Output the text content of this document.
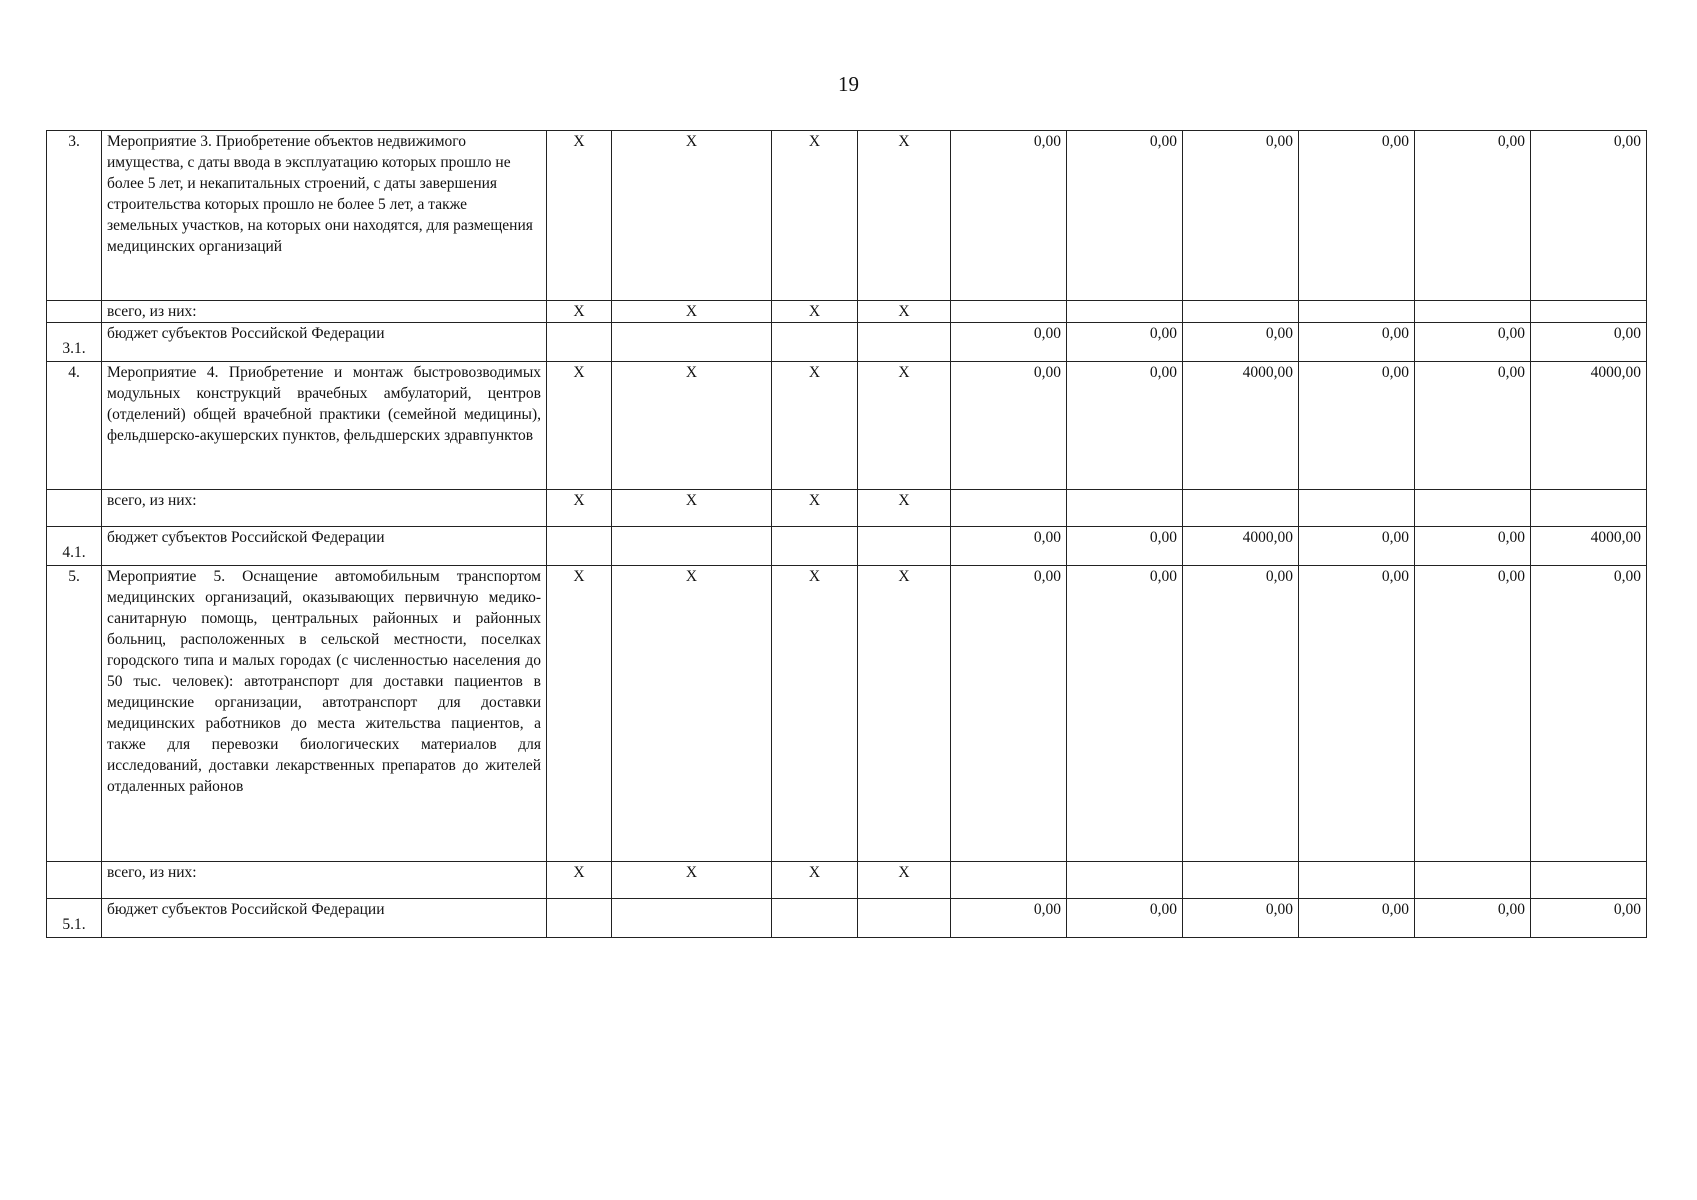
19
3.	Мероприятие 3. Приобретение объектов недвижимого имущества, с даты ввода в эксплуатацию которых прошло не более 5 лет, и некапитальных строений, с даты завершения строительства которых прошло не более 5 лет, а также земельных участков, на которых они находятся, для размещения медицинских организаций	X	X	X	X	0,00	0,00	0,00	0,00	0,00	0,00
	всего, из них:	X	X	X	X						
3.1.	бюджет субъектов Российской Федерации					0,00	0,00	0,00	0,00	0,00	0,00
4.	Мероприятие 4. Приобретение и монтаж быстровозводимых модульных конструкций врачебных амбулаторий, центров (отделений) общей врачебной практики (семейной медицины), фельдшерско-акушерских пунктов, фельдшерских здравпунктов	X	X	X	X	0,00	0,00	4000,00	0,00	0,00	4000,00
	всего, из них:	X	X	X	X						
4.1.	бюджет субъектов Российской Федерации					0,00	0,00	4000,00	0,00	0,00	4000,00
5.	Мероприятие 5. Оснащение автомобильным транспортом медицинских организаций, оказывающих первичную медико-санитарную помощь, центральных районных и районных больниц, расположенных в сельской местности, поселках городского типа и малых городах (с численностью населения до 50 тыс. человек): автотранспорт для доставки пациентов в медицинские организации, автотранспорт для доставки медицинских работников до места жительства пациентов, а также для перевозки биологических материалов для исследований, доставки лекарственных препаратов до жителей отдаленных районов	X	X	X	X	0,00	0,00	0,00	0,00	0,00	0,00
	всего, из них:	X	X	X	X						
5.1.	бюджет субъектов Российской Федерации					0,00	0,00	0,00	0,00	0,00	0,00
